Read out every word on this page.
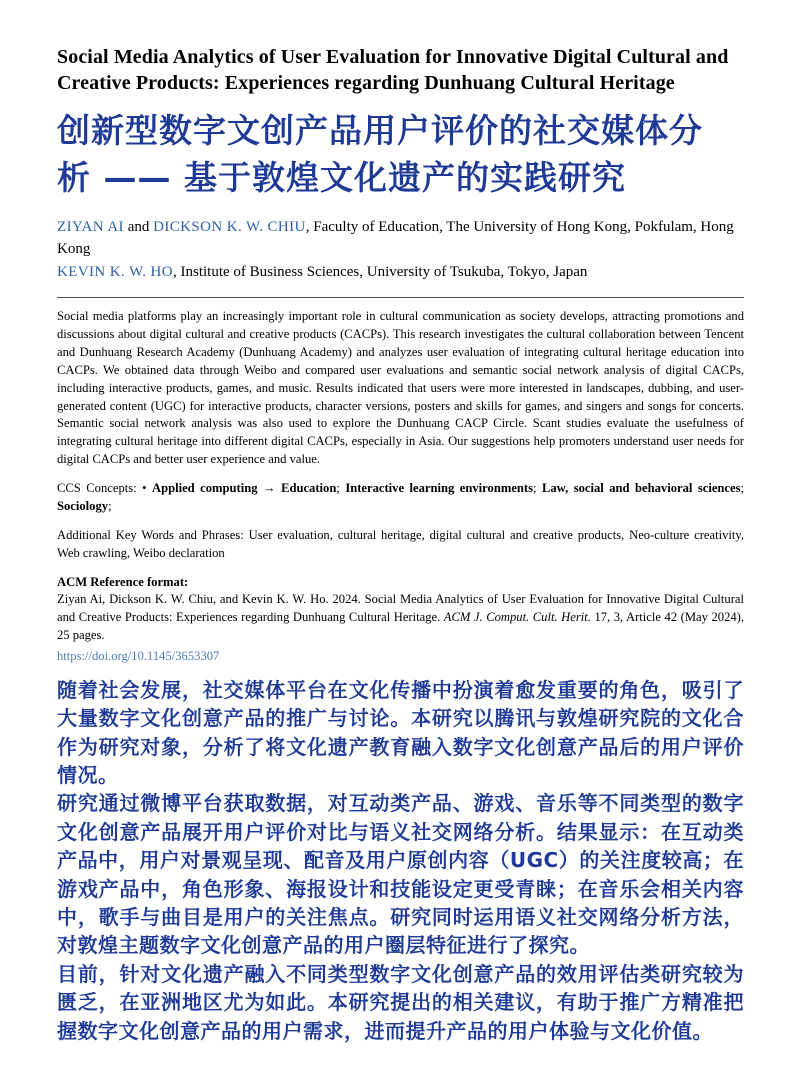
Social Media Analytics of User Evaluation for Innovative Digital Cultural and Creative Products: Experiences regarding Dunhuang Cultural Heritage
创新型数字文创产品用户评价的社交媒体分析 —— 基于敦煌文化遗产的实践研究

ZIYAN AI and DICKSON K. W. CHIU, Faculty of Education, The University of Hong Kong, Pokfulam, Hong Kong

KEVIN K. W. HO, Institute of Business Sciences, University of Tsukuba, Tokyo, Japan

Social media platforms play an increasingly important role in cultural communication as society develops, attracting promotions and discussions about digital cultural and creative products (CACPs). This research investigates the cultural collaboration between Tencent and Dunhuang Research Academy (Dunhuang Academy) and analyzes user evaluation of integrating cultural heritage education into CACPs. We obtained data through Weibo and compared user evaluations and semantic social network analysis of digital CACPs, including interactive products, games, and music. Results indicated that users were more interested in landscapes, dubbing, and user-generated content (UGC) for interactive products, character versions, posters and skills for games, and singers and songs for concerts. Semantic social network analysis was also used to explore the Dunhuang CACP Circle. Scant studies evaluate the usefulness of integrating cultural heritage into different digital CACPs, especially in Asia. Our suggestions help promoters understand user needs for digital CACPs and better user experience and value.

CCS Concepts: • Applied computing → Education; Interactive learning environments; Law, social and behavioral sciences; Sociology;

Additional Key Words and Phrases: User evaluation, cultural heritage, digital cultural and creative products, Neo-culture creativity, Web crawling, Weibo declaration

ACM Reference format:

Ziyan Ai, Dickson K. W. Chiu, and Kevin K. W. Ho. 2024. Social Media Analytics of User Evaluation for Innovative Digital Cultural and Creative Products: Experiences regarding Dunhuang Cultural Heritage. ACM J. Comput. Cult. Herit. 17, 3, Article 42 (May 2024), 25 pages.

https://doi.org/10.1145/3653307

随着社会发展，社交媒体平台在文化传播中扮演着愈发重要的角色，吸引了大量数字文化创意产品的推广与讨论。本研究以腾讯与敦煌研究院的文化合作为研究对象，分析了将文化遗产教育融入数字文化创意产品后的用户评价情况。

研究通过微博平台获取数据，对互动类产品、游戏、音乐等不同类型的数字文化创意产品展开用户评价对比与语义社交网络分析。结果显示：在互动类产品中，用户对景观呈现、配音及用户原创内容（UGC）的关注度较高；在游戏产品中，角色形象、海报设计和技能设定更受青睐；在音乐会相关内容中，歌手与曲目是用户的关注焦点。研究同时运用语义社交网络分析方法，对敦煌主题数字文化创意产品的用户圈层特征进行了探究。

目前，针对文化遗产融入不同类型数字文化创意产品的效用评估类研究较为匮乏，在亚洲地区尤为如此。本研究提出的相关建议，有助于推广方精准把握数字文化创意产品的用户需求，进而提升产品的用户体验与文化价值。
